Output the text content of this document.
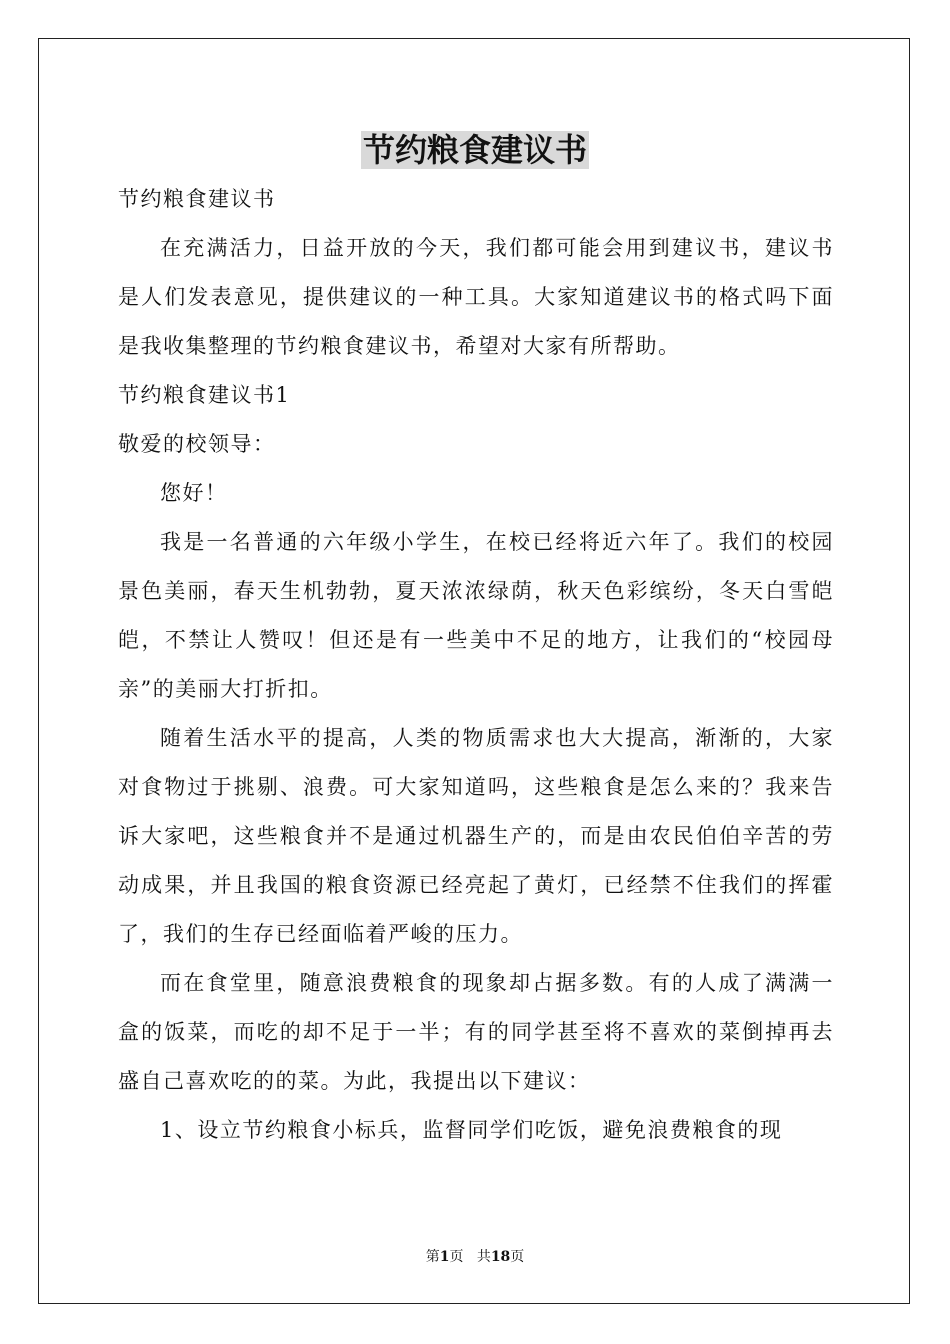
节约粮食建议书

节约粮食建议书

在充满活力，日益开放的今天，我们都可能会用到建议书，建议书是人们发表意见，提供建议的一种工具。大家知道建议书的格式吗下面是我收集整理的节约粮食建议书，希望对大家有所帮助。

节约粮食建议书1

敬爱的校领导：

您好！

我是一名普通的六年级小学生，在校已经将近六年了。我们的校园景色美丽，春天生机勃勃，夏天浓浓绿荫，秋天色彩缤纷，冬天白雪皑皑，不禁让人赞叹！但还是有一些美中不足的地方，让我们的“校园母亲”的美丽大打折扣。

随着生活水平的提高，人类的物质需求也大大提高，渐渐的，大家对食物过于挑剔、浪费。可大家知道吗，这些粮食是怎么来的？我来告诉大家吧，这些粮食并不是通过机器生产的，而是由农民伯伯辛苦的劳动成果，并且我国的粮食资源已经亮起了黄灯，已经禁不住我们的挥霍了，我们的生存已经面临着严峻的压力。

而在食堂里，随意浪费粮食的现象却占据多数。有的人成了满满一盒的饭菜，而吃的却不足于一半；有的同学甚至将不喜欢的菜倒掉再去盛自己喜欢吃的的菜。为此，我提出以下建议：

1、设立节约粮食小标兵，监督同学们吃饭，避免浪费粮食的现

第1页 共18页
